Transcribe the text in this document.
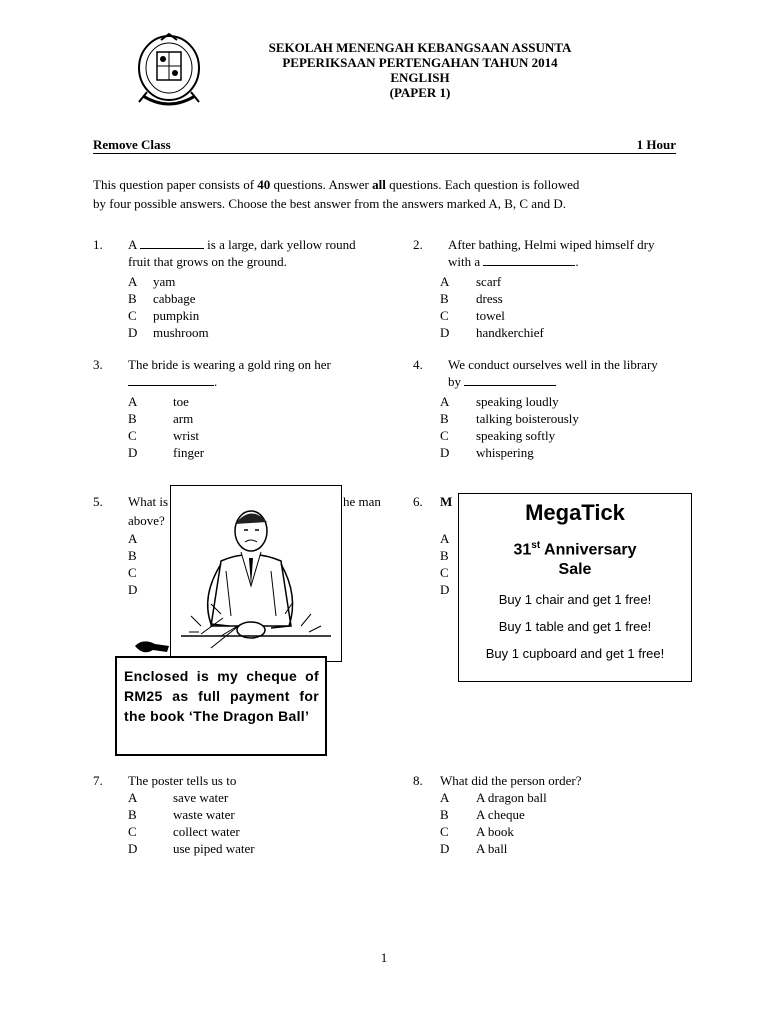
SEKOLAH MENENGAH KEBANGSAAN ASSUNTA
PEPERIKSAAN PERTENGAHAN TAHUN 2014
ENGLISH
(PAPER 1)
Remove Class	1 Hour
This question paper consists of 40 questions. Answer all questions. Each question is followed
by four possible answers. Choose the best answer from the answers marked A, B, C and D.
1. A	is a large, dark yellow round
fruit that grows on the ground.
A yam
B cabbage
C pumpkin
D mushroom
2. After bathing, Helmi wiped himself dry
with a	.
A scarf
B dress
C towel
D handkerchief
3. The bride is wearing a gold ring on her
.
A	toe
B	arm
C	wrist
D	finger
4. We conduct ourselves well in the library
by
A speaking loudly
B talking boisterously
C speaking softly
D whispering
5. What is	he man
above?
A
B
C
D
6. M
A
B
C
D
Enclosed is my cheque of RM25 as full payment for the book ‘The Dragon Ball’
MegaTick
31st Anniversary
Sale
Buy 1 chair and get 1 free!
Buy 1 table and get 1 free!
Buy 1 cupboard and get 1 free!
7. The poster tells us to
A	save water
B	waste water
C	collect water
D	use piped water
8. What did the person order?
A A dragon ball
B A cheque
C A book
D A ball
1
